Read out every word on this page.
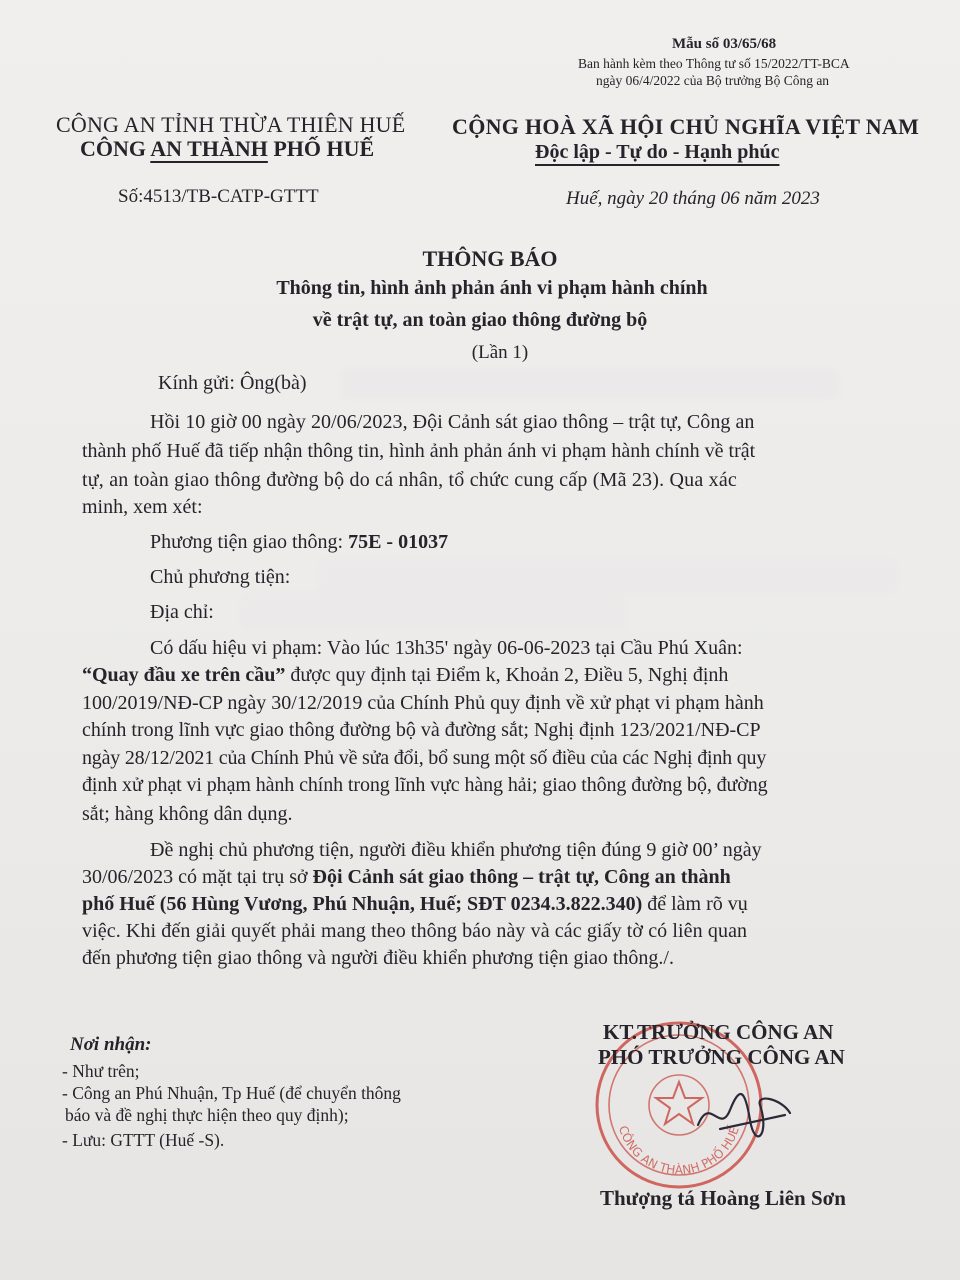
Mẫu số 03/65/68
Ban hành kèm theo Thông tư số 15/2022/TT-BCA
ngày 06/4/2022 của Bộ trưởng Bộ Công an
CÔNG AN TỈNH THỪA THIÊN HUẾ
CÔNG AN THÀNH PHỐ HUẾ
Số:4513/TB-CATP-GTTT
CỘNG HOÀ XÃ HỘI CHỦ NGHĨA VIỆT NAM
Độc lập - Tự do - Hạnh phúc
Huế, ngày 20 tháng 06 năm 2023
THÔNG BÁO
Thông tin, hình ảnh phản ánh vi phạm hành chính
về trật tự, an toàn giao thông đường bộ
(Lần 1)
Kính gửi: Ông(bà)
Hồi 10 giờ 00 ngày 20/06/2023, Đội Cảnh sát giao thông – trật tự, Công an
thành phố Huế đã tiếp nhận thông tin, hình ảnh phản ánh vi phạm hành chính về trật
tự, an toàn giao thông đường bộ do cá nhân, tổ chức cung cấp (Mã 23). Qua xác
minh, xem xét:
Phương tiện giao thông: 75E - 01037
Chủ phương tiện:
Địa chỉ:
Có dấu hiệu vi phạm: Vào lúc 13h35' ngày 06-06-2023 tại Cầu Phú Xuân:
“Quay đầu xe trên cầu” được quy định tại Điểm k, Khoản 2, Điều 5, Nghị định
100/2019/NĐ-CP ngày 30/12/2019 của Chính Phủ quy định về xử phạt vi phạm hành
chính trong lĩnh vực giao thông đường bộ và đường sắt; Nghị định 123/2021/NĐ-CP
ngày 28/12/2021 của Chính Phủ về sửa đổi, bổ sung một số điều của các Nghị định quy
định xử phạt vi phạm hành chính trong lĩnh vực hàng hải; giao thông đường bộ, đường
sắt; hàng không dân dụng.
Đề nghị chủ phương tiện, người điều khiển phương tiện đúng 9 giờ 00’ ngày
30/06/2023 có mặt tại trụ sở Đội Cảnh sát giao thông – trật tự, Công an thành
phố Huế (56 Hùng Vương, Phú Nhuận, Huế; SĐT 0234.3.822.340) để làm rõ vụ
việc. Khi đến giải quyết phải mang theo thông báo này và các giấy tờ có liên quan
đến phương tiện giao thông và người điều khiển phương tiện giao thông./.
Nơi nhận:
- Như trên;
- Công an Phú Nhuận, Tp Huế (để chuyển thông
báo và đề nghị thực hiện theo quy định);
- Lưu: GTTT (Huế -S).	CÔNG AN THÀNH PHỐ HUẾ
KT.TRƯỞNG CÔNG AN
PHÓ TRƯỞNG CÔNG AN
Thượng tá Hoàng Liên Sơn
